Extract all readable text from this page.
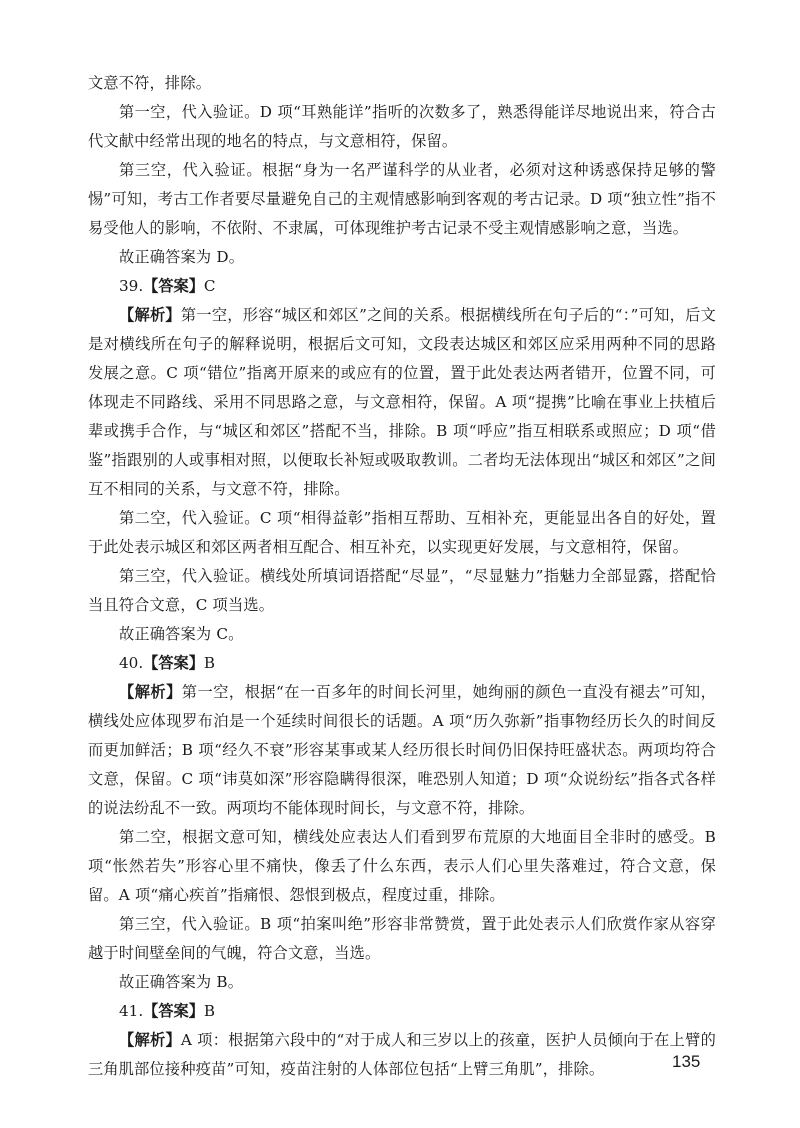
文意不符，排除。

第一空，代入验证。D 项“耳熟能详”指听的次数多了，熟悉得能详尽地说出来，符合古代文献中经常出现的地名的特点，与文意相符，保留。

第三空，代入验证。根据“身为一名严谨科学的从业者，必须对这种诱惑保持足够的警惕”可知，考古工作者要尽量避免自己的主观情感影响到客观的考古记录。D 项“独立性”指不易受他人的影响，不依附、不隶属，可体现维护考古记录不受主观情感影响之意，当选。

故正确答案为 D。

39.【答案】C

【解析】第一空，形容“城区和郊区”之间的关系。根据横线所在句子后的“：”可知，后文是对横线所在句子的解释说明，根据后文可知，文段表达城区和郊区应采用两种不同的思路发展之意。C 项“错位”指离开原来的或应有的位置，置于此处表达两者错开，位置不同，可体现走不同路线、采用不同思路之意，与文意相符，保留。A 项“提携”比喻在事业上扶植后辈或携手合作，与“城区和郊区”搭配不当，排除。B 项“呼应”指互相联系或照应；D 项“借鉴”指跟别的人或事相对照，以便取长补短或吸取教训。二者均无法体现出“城区和郊区”之间互不相同的关系，与文意不符，排除。

第二空，代入验证。C 项“相得益彰”指相互帮助、互相补充，更能显出各自的好处，置于此处表示城区和郊区两者相互配合、相互补充，以实现更好发展，与文意相符，保留。

第三空，代入验证。横线处所填词语搭配“尽显”，“尽显魅力”指魅力全部显露，搭配恰当且符合文意，C 项当选。

故正确答案为 C。

40.【答案】B

【解析】第一空，根据“在一百多年的时间长河里，她绚丽的颜色一直没有褪去”可知，横线处应体现罗布泊是一个延续时间很长的话题。A 项“历久弥新”指事物经历长久的时间反而更加鲜活；B 项“经久不衰”形容某事或某人经历很长时间仍旧保持旺盛状态。两项均符合文意，保留。C 项“讳莫如深”形容隐瞒得很深，唯恐别人知道；D 项“众说纷纭”指各式各样的说法纷乱不一致。两项均不能体现时间长，与文意不符，排除。

第二空，根据文意可知，横线处应表达人们看到罗布荒原的大地面目全非时的感受。B 项“怅然若失”形容心里不痛快，像丢了什么东西，表示人们心里失落难过，符合文意，保留。A 项“痛心疾首”指痛恨、怨恨到极点，程度过重，排除。

第三空，代入验证。B 项“拍案叫绝”形容非常赞赏，置于此处表示人们欣赏作家从容穿越于时间壁垒间的气魄，符合文意，当选。

故正确答案为 B。

41.【答案】B

【解析】A 项：根据第六段中的“对于成人和三岁以上的孩童，医护人员倾向于在上臂的三角肌部位接种疫苗”可知，疫苗注射的人体部位包括“上臂三角肌”，排除。	135
